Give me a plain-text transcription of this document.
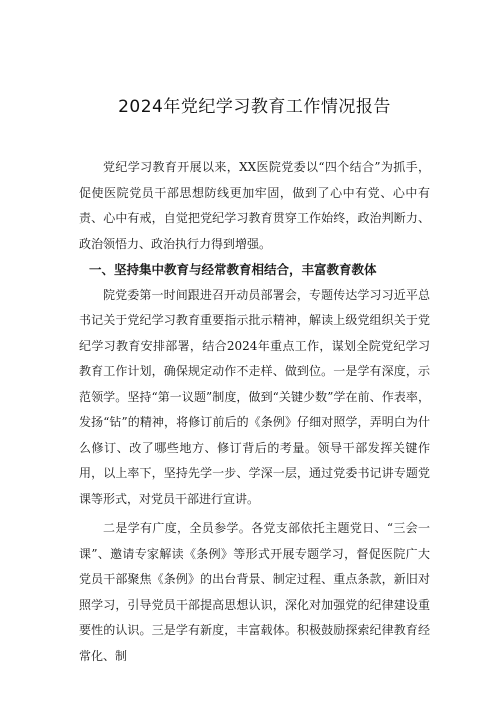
2024年党纪学习教育工作情况报告

党纪学习教育开展以来，XX医院党委以“四个结合”为抓手，促使医院党员干部思想防线更加牢固，做到了心中有党、心中有责、心中有戒，自觉把党纪学习教育贯穿工作始终，政治判断力、政治领悟力、政治执行力得到增强。

一、坚持集中教育与经常教育相结合，丰富教育教体

院党委第一时间跟进召开动员部署会，专题传达学习习近平总书记关于党纪学习教育重要指示批示精神，解读上级党组织关于党纪学习教育安排部署，结合2024年重点工作，谋划全院党纪学习教育工作计划，确保规定动作不走样、做到位。一是学有深度，示范领学。坚持“第一议题”制度，做到“关键少数”学在前、作表率，发扬“钻”的精神，将修订前后的《条例》仔细对照学，弄明白为什么修订、改了哪些地方、修订背后的考量。领导干部发挥关键作用，以上率下，坚持先学一步、学深一层，通过党委书记讲专题党课等形式，对党员干部进行宣讲。

二是学有广度，全员参学。各党支部依托主题党日、“三会一课”、邀请专家解读《条例》等形式开展专题学习，督促医院广大党员干部聚焦《条例》的出台背景、制定过程、重点条款，新旧对照学习，引导党员干部提高思想认识，深化对加强党的纪律建设重要性的认识。三是学有新度，丰富载体。积极鼓励探索纪律教育经常化、制
